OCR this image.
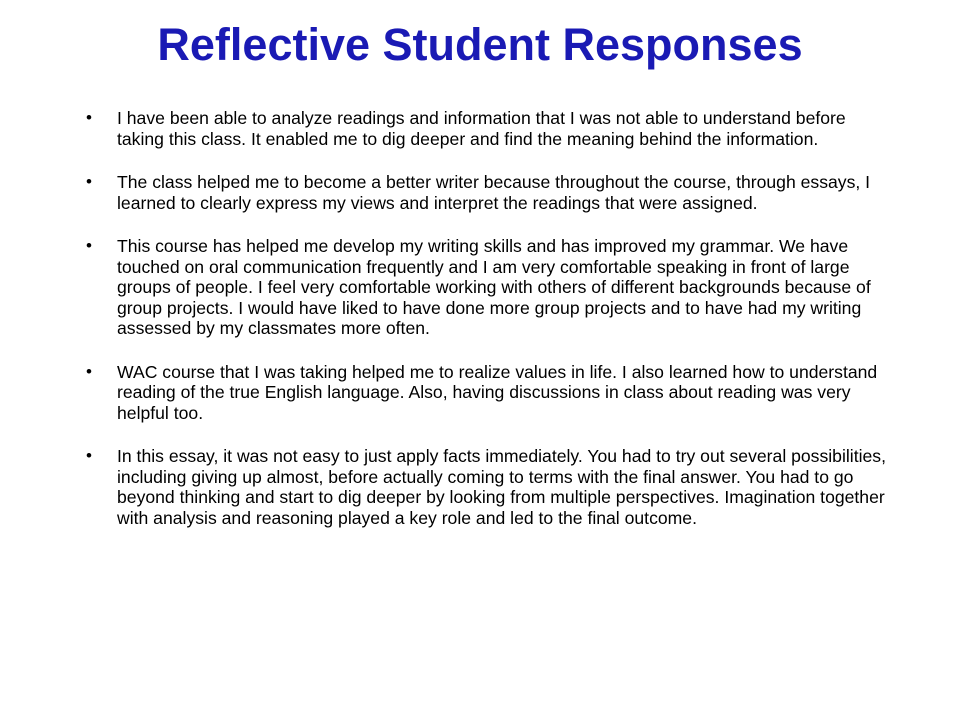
Reflective Student Responses
• I have been able to analyze readings and information that I was not able to understand before taking this class. It enabled me to dig deeper and find the meaning behind the information.
• The class helped me to become a better writer because throughout the course, through essays, I learned to clearly express my views and interpret the readings that were assigned.
• This course has helped me develop my writing skills and has improved my grammar. We have touched on oral communication frequently and I am very comfortable speaking in front of large groups of people. I feel very comfortable working with others of different backgrounds because of group projects. I would have liked to have done more group projects and to have had my writing assessed by my classmates more often.
• WAC course that I was taking helped me to realize values in life. I also learned how to understand reading of the true English language. Also, having discussions in class about reading was very helpful too.
• In this essay, it was not easy to just apply facts immediately. You had to try out several possibilities, including giving up almost, before actually coming to terms with the final answer. You had to go beyond thinking and start to dig deeper by looking from multiple perspectives. Imagination together with analysis and reasoning played a key role and led to the final outcome.
